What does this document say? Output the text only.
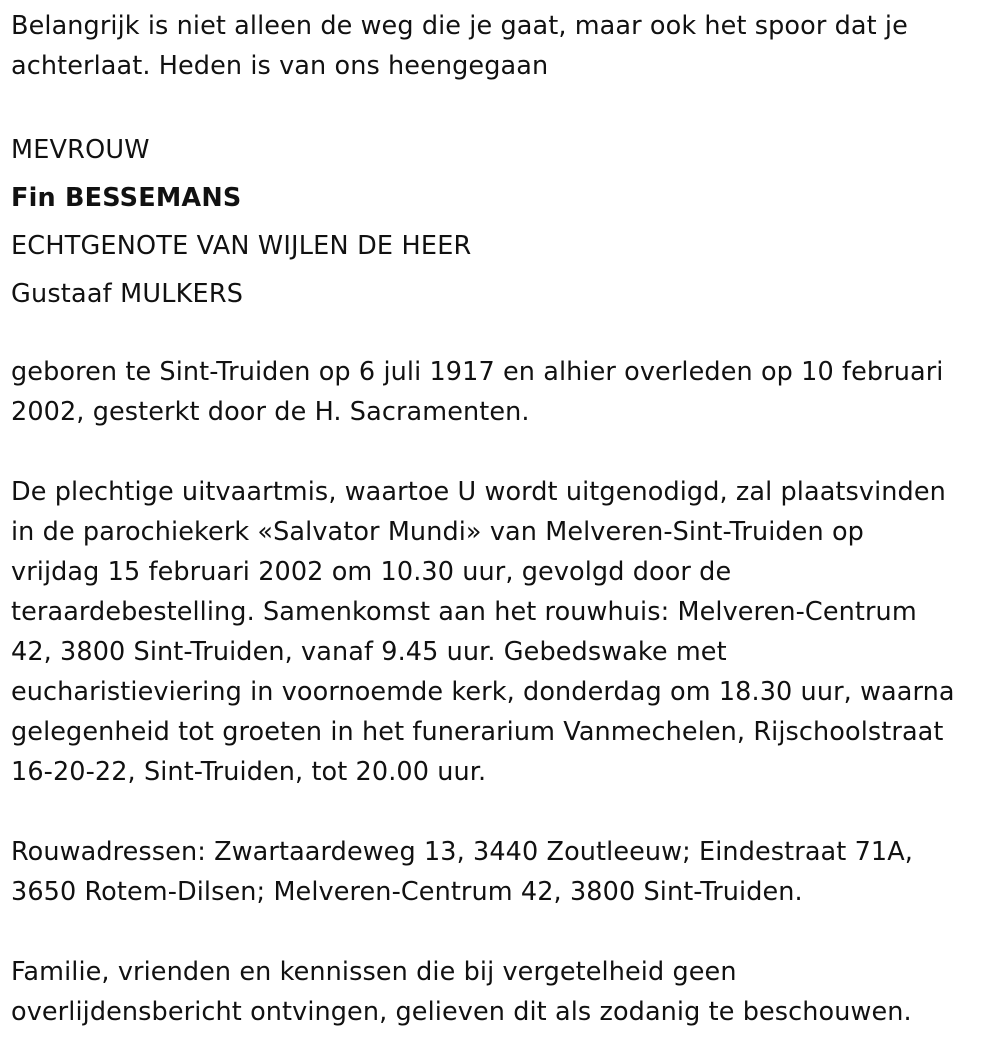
Belangrijk is niet alleen de weg die je gaat, maar ook het spoor dat je
achterlaat. Heden is van ons heengegaan

MEVROUW

Fin BESSEMANS

ECHTGENOTE VAN WIJLEN DE HEER

Gustaaf MULKERS

geboren te Sint-Truiden op 6 juli 1917 en alhier overleden op 10 februari
2002, gesterkt door de H. Sacramenten.

De plechtige uitvaartmis, waartoe U wordt uitgenodigd, zal plaatsvinden
in de parochiekerk «Salvator Mundi» van Melveren-Sint-Truiden op
vrijdag 15 februari 2002 om 10.30 uur, gevolgd door de
teraardebestelling. Samenkomst aan het rouwhuis: Melveren-Centrum
42, 3800 Sint-Truiden, vanaf 9.45 uur. Gebedswake met
eucharistieviering in voornoemde kerk, donderdag om 18.30 uur, waarna
gelegenheid tot groeten in het funerarium Vanmechelen, Rijschoolstraat
16-20-22, Sint-Truiden, tot 20.00 uur.

Rouwadressen: Zwartaardeweg 13, 3440 Zoutleeuw; Eindestraat 71A,
3650 Rotem-Dilsen; Melveren-Centrum 42, 3800 Sint-Truiden.

Familie, vrienden en kennissen die bij vergetelheid geen
overlijdensbericht ontvingen, gelieven dit als zodanig te beschouwen.
